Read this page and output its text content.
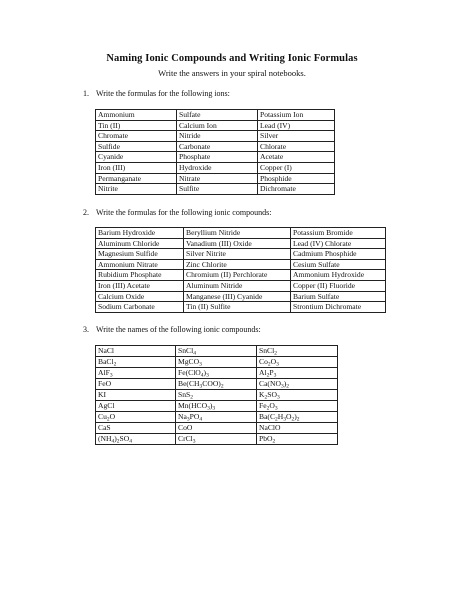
Naming Ionic Compounds and Writing Ionic Formulas
Write the answers in your spiral notebooks.
1. Write the formulas for the following ions:
Ammonium	Sulfate	Potassium Ion
Tin (II)	Calcium Ion	Lead (IV)
Chromate	Nitride	Silver
Sulfide	Carbonate	Chlorate
Cyanide	Phosphate	Acetate
Iron (III)	Hydroxide	Copper (I)
Permanganate	Nitrate	Phosphide
Nitrite	Sulfite	Dichromate
2. Write the formulas for the following ionic compounds:
Barium Hydroxide	Beryllium Nitride	Potassium Bromide
Aluminum Chloride	Vanadium (III) Oxide	Lead (IV) Chlorate
Magnesium Sulfide	Silver Nitrite	Cadmium Phosphide
Ammonium Nitrate	Zinc Chlorite	Cesium Sulfate
Rubidium Phosphate	Chromium (II) Perchlorate	Ammonium Hydroxide
Iron (III) Acetate	Aluminum Nitride	Copper (II) Fluoride
Calcium Oxide	Manganese (III) Cyanide	Barium Sulfate
Sodium Carbonate	Tin (II) Sulfite	Strontium Dichromate
3. Write the names of the following ionic compounds:
NaCl	SnCl$_4$	SnCl$_2$
BaCl$_2$	MgCO$_3$	$Co_2O_3$
AlF$_3$	$Fe(ClO_4)_3$	$Al_2P_3$
FeO	$Be(CH_3COO)_2$	$Ca(NO_3)_2$
KI	SnS$_2$	$K_2SO_3$
AgCl	$Mn(HCO_3)_3$	$Fe_2O_3$
$Cu_2O$	$Na_3PO_4$	$Ba(C_2H_3O_2)_2$
CaS	CoO	NaClO
$(NH_4)_2SO_4$	CrCl$_3$	PbO$_2$
